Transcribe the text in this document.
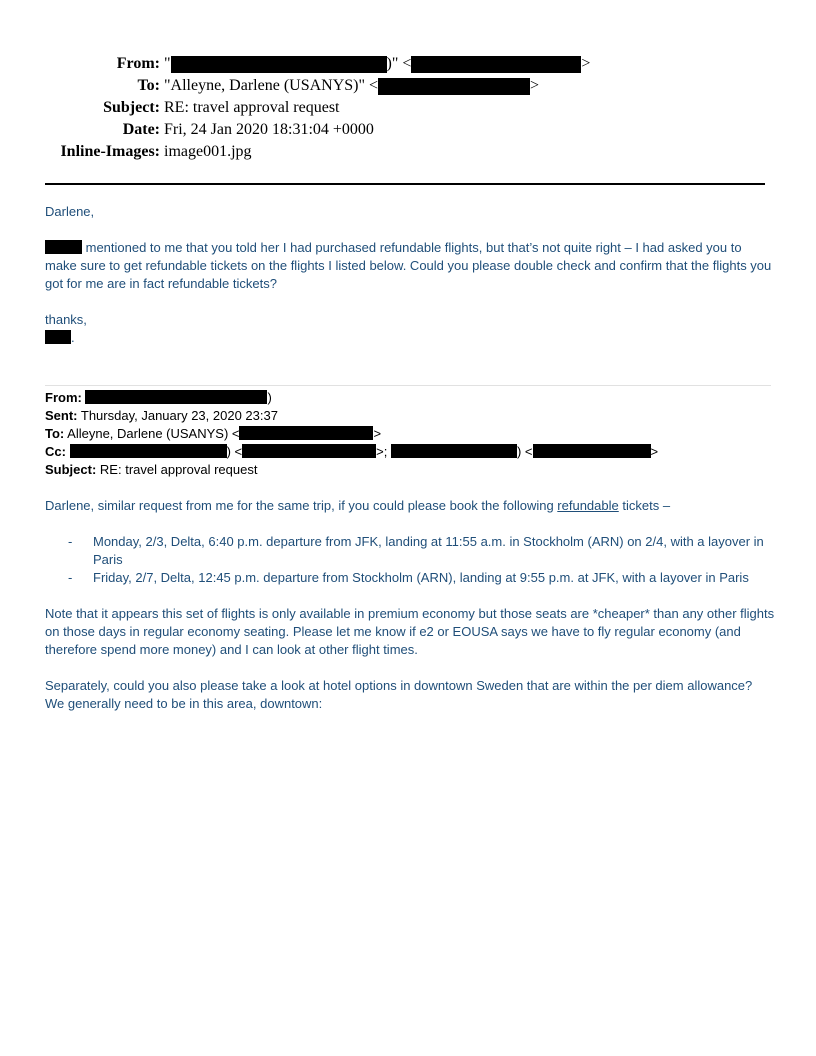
From: "	)" <	>
To: "Alleyne, Darlene (USANYS)" <	>
Subject: RE: travel approval request
Date: Fri, 24 Jan 2020 18:31:04 +0000
Inline-Images: image001.jpg

Darlene,

mentioned to me that you told her I had purchased refundable flights, but that’s not quite right – I had asked you to make sure to get refundable tickets on the flights I listed below. Could you please double check and confirm that the flights you got for me are in fact refundable tickets?

thanks,

.

From:	)
Sent: Thursday, January 23, 2020 23:37
To: Alleyne, Darlene (USANYS) <	>
Cc:	) <	>;	) <	>
Subject: RE: travel approval request

Darlene, similar request from me for the same trip, if you could please book the following refundable tickets –

- Monday, 2/3, Delta, 6:40 p.m. departure from JFK, landing at 11:55 a.m. in Stockholm (ARN) on 2/4, with a layover in Paris
- Friday, 2/7, Delta, 12:45 p.m. departure from Stockholm (ARN), landing at 9:55 p.m. at JFK, with a layover in Paris

Note that it appears this set of flights is only available in premium economy but those seats are *cheaper* than any other flights on those days in regular economy seating. Please let me know if e2 or EOUSA says we have to fly regular economy (and therefore spend more money) and I can look at other flight times.

Separately, could you also please take a look at hotel options in downtown Sweden that are within the per diem allowance? We generally need to be in this area, downtown:
